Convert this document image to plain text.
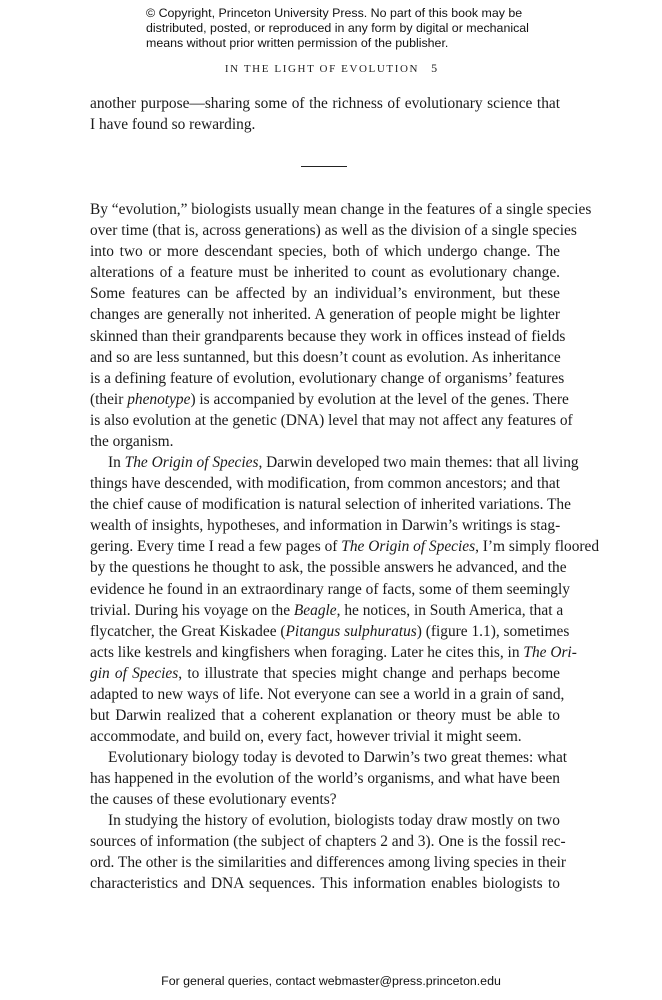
© Copyright, Princeton University Press. No part of this book may be
distributed, posted, or reproduced in any form by digital or mechanical
means without prior written permission of the publisher.
IN THE LIGHT OF EVOLUTION 5
another purpose—sharing some of the richness of evolutionary science that
I have found so rewarding.
By “evolution,” biologists usually mean change in the features of a single species
over time (that is, across generations) as well as the division of a single species
into two or more descendant species, both of which undergo change. The
alterations of a feature must be inherited to count as evolutionary change.
Some features can be affected by an individual’s environment, but these
changes are generally not inherited. A generation of people might be lighter
skinned than their grandparents because they work in offices instead of fields
and so are less suntanned, but this doesn’t count as evolution. As inheritance
is a defining feature of evolution, evolutionary change of organisms’ features
(their phenotype) is accompanied by evolution at the level of the genes. There
is also evolution at the genetic (DNA) level that may not affect any features of
the organism.
In The Origin of Species, Darwin developed two main themes: that all living
things have descended, with modification, from common ancestors; and that
the chief cause of modification is natural selection of inherited variations. The
wealth of insights, hypotheses, and information in Darwin’s writings is stag-
gering. Every time I read a few pages of The Origin of Species, I’m simply floored
by the questions he thought to ask, the possible answers he advanced, and the
evidence he found in an extraordinary range of facts, some of them seemingly
trivial. During his voyage on the Beagle, he notices, in South America, that a
flycatcher, the Great Kiskadee (Pitangus sulphuratus) (figure 1.1), sometimes
acts like kestrels and kingfishers when foraging. Later he cites this, in The Ori-
gin of Species, to illustrate that species might change and perhaps become
adapted to new ways of life. Not everyone can see a world in a grain of sand,
but Darwin realized that a coherent explanation or theory must be able to
accommodate, and build on, every fact, however trivial it might seem.
Evolutionary biology today is devoted to Darwin’s two great themes: what
has happened in the evolution of the world’s organisms, and what have been
the causes of these evolutionary events?
In studying the history of evolution, biologists today draw mostly on two
sources of information (the subject of chapters 2 and 3). One is the fossil rec-
ord. The other is the similarities and differences among living species in their
characteristics and DNA sequences. This information enables biologists to
For general queries, contact webmaster@press.princeton.edu
